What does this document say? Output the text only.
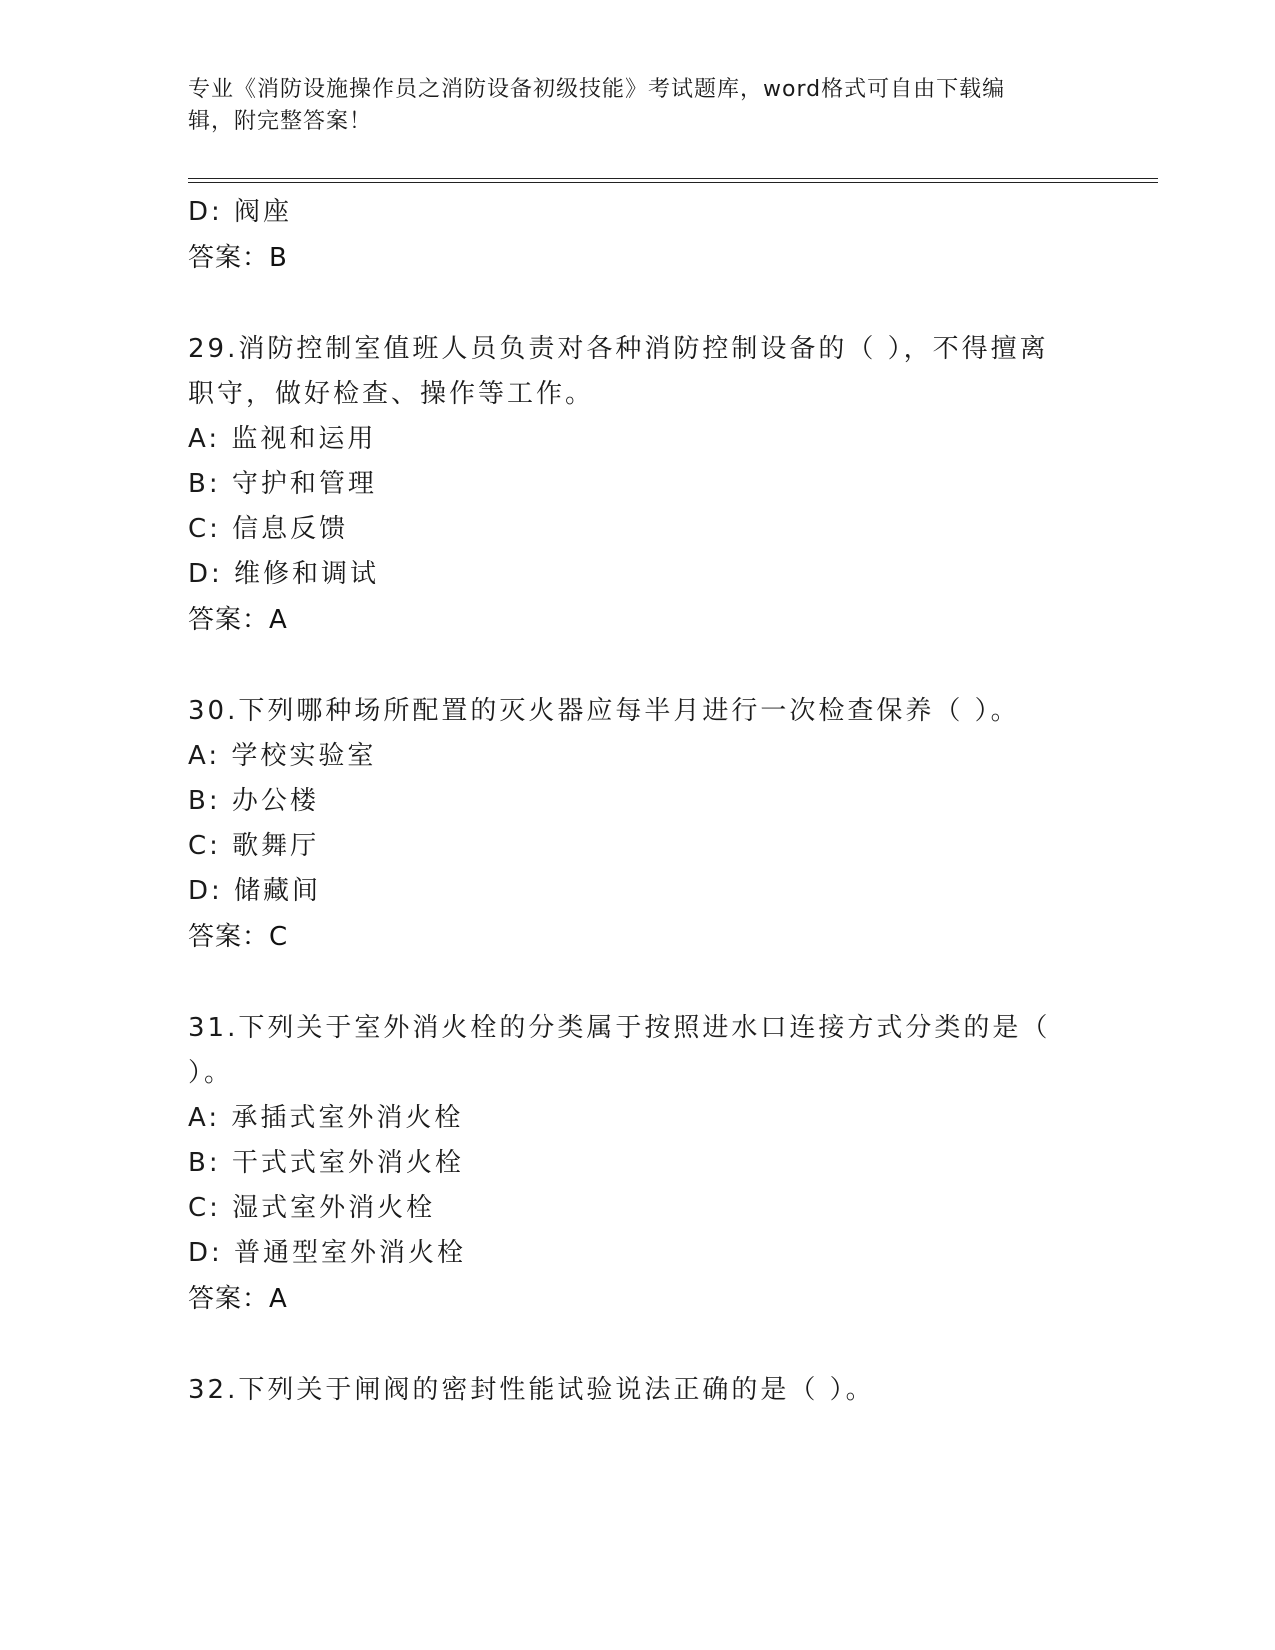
专业《消防设施操作员之消防设备初级技能》考试题库，word格式可自由下载编
辑，附完整答案！
D: 阀座
答案：B
29.消防控制室值班人员负责对各种消防控制设备的（ ），不得擅离
职守，做好检查、操作等工作。
A: 监视和运用
B: 守护和管理
C: 信息反馈
D: 维修和调试
答案：A
30.下列哪种场所配置的灭火器应每半月进行一次检查保养（ ）。
A: 学校实验室
B: 办公楼
C: 歌舞厅
D: 储藏间
答案：C
31.下列关于室外消火栓的分类属于按照进水口连接方式分类的是（
）。
A: 承插式室外消火栓
B: 干式式室外消火栓
C: 湿式室外消火栓
D: 普通型室外消火栓
答案：A
32.下列关于闸阀的密封性能试验说法正确的是（ ）。
